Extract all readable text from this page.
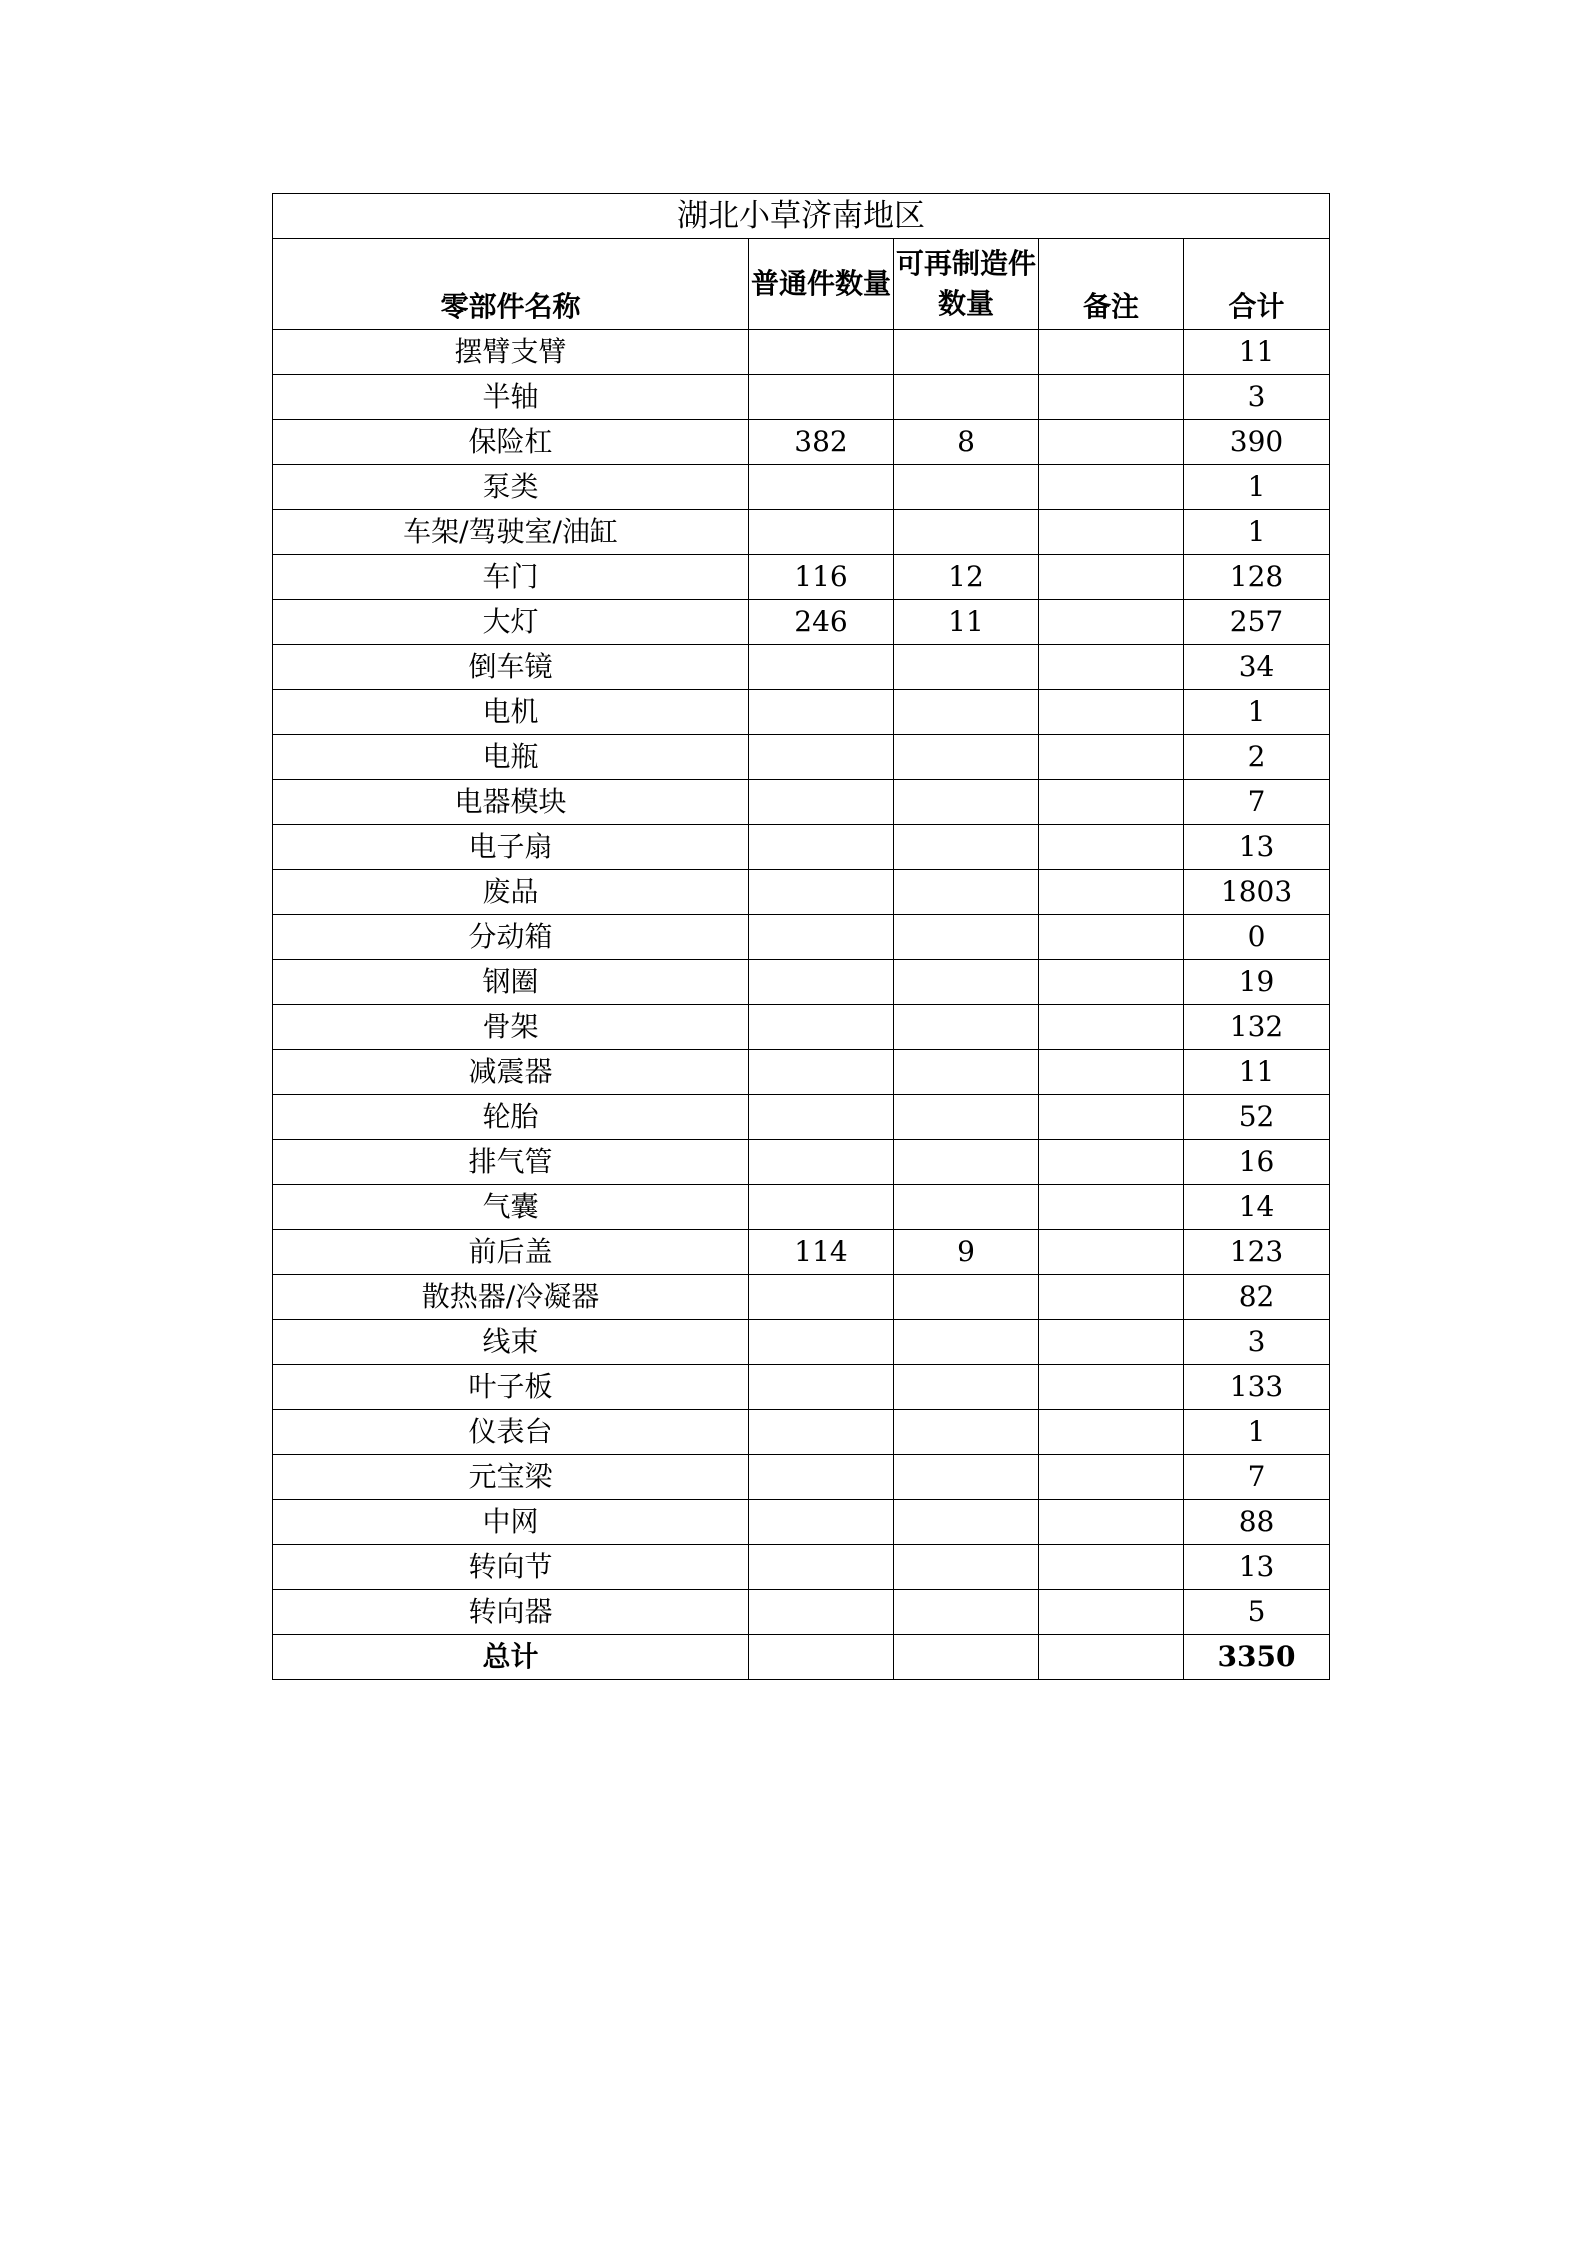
湖北小草济南地区				
零部件名称	普通件数量	可再制造件数量	备注	合计
摆臂支臂				11
半轴				3
保险杠	382	8		390
泵类				1
车架/驾驶室/油缸				1
车门	116	12		128
大灯	246	11		257
倒车镜				34
电机				1
电瓶				2
电器模块				7
电子扇				13
废品				1803
分动箱				0
钢圈				19
骨架				132
减震器				11
轮胎				52
排气管				16
气囊				14
前后盖	114	9		123
散热器/冷凝器				82
线束				3
叶子板				133
仪表台				1
元宝梁				7
中网				88
转向节				13
转向器				5
总计				3350
